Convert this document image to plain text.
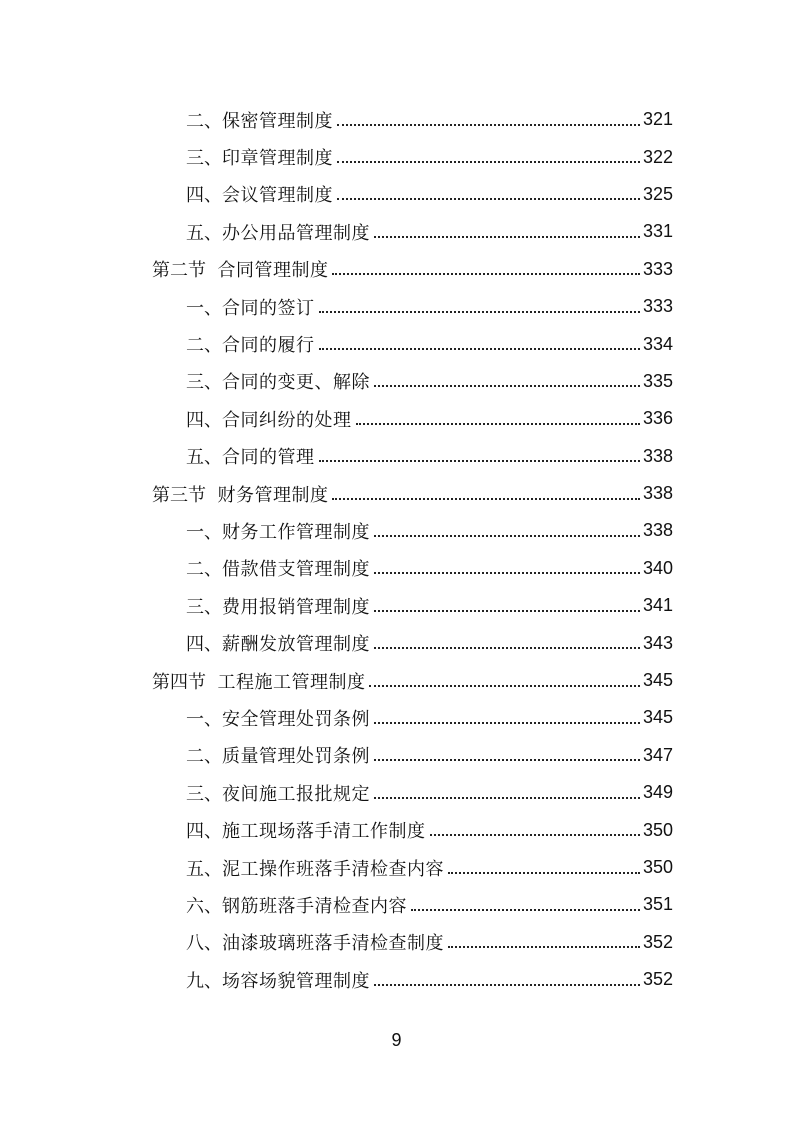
二、 保密管理制度	321
三、 印章管理制度	322
四、 会议管理制度	325
五、 办公用品管理制度	331
第二节 合同管理制度	333
一、 合同的签订	333
二、 合同的履行	334
三、 合同的变更、解除	335
四、 合同纠纷的处理	336
五、 合同的管理	338
第三节 财务管理制度	338
一、 财务工作管理制度	338
二、 借款借支管理制度	340
三、 费用报销管理制度	341
四、 薪酬发放管理制度	343
第四节 工程施工管理制度	345
一、 安全管理处罚条例	345
二、 质量管理处罚条例	347
三、 夜间施工报批规定	349
四、 施工现场落手清工作制度	350
五、 泥工操作班落手清检查内容	350
六、 钢筋班落手清检查内容	351
八、 油漆玻璃班落手清检查制度	352
九、 场容场貌管理制度	352
9
